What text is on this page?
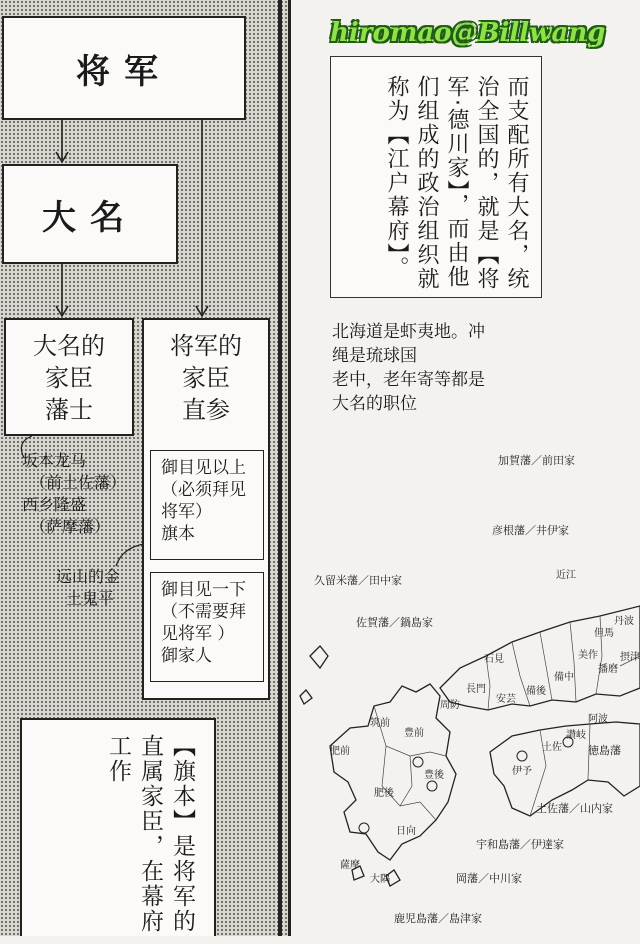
将军
大名
大名的
家臣
藩士
将军的
家臣
直参
御目见以上
（必须拜见
将军）
旗本
御目见一下
（不需要拜
见将军 ）
御家人
坂本龙马
（前土佐藩）
西乡隆盛
（萨摩藩）
远山的金
土鬼平
【旗本】是将军的直属家臣，在幕府工作
hiromao@Billwang
而支配所有大名，统治全国的，就是【将军·德川家】，而由他们组成的政治组织就称为【江户幕府】。
北海道是虾夷地。冲
绳是琉球国
老中，老年寄等都是
大名的职位
加賀藩／前田家
彦根藩／井伊家
久留米藩／田中家
佐賀藩／鍋島家
徳島藩
土佐藩／山内家
宇和島藩／伊達家
岡藩／中川家
鹿児島藩／島津家
長門
安芸
備後
備中
美作
豊前
豊後
筑前
肥前
肥後
日向
薩摩
大隅
伊予
讃岐
阿波
土佐
周防
石見
但馬
丹波
播磨
摂津
近江
